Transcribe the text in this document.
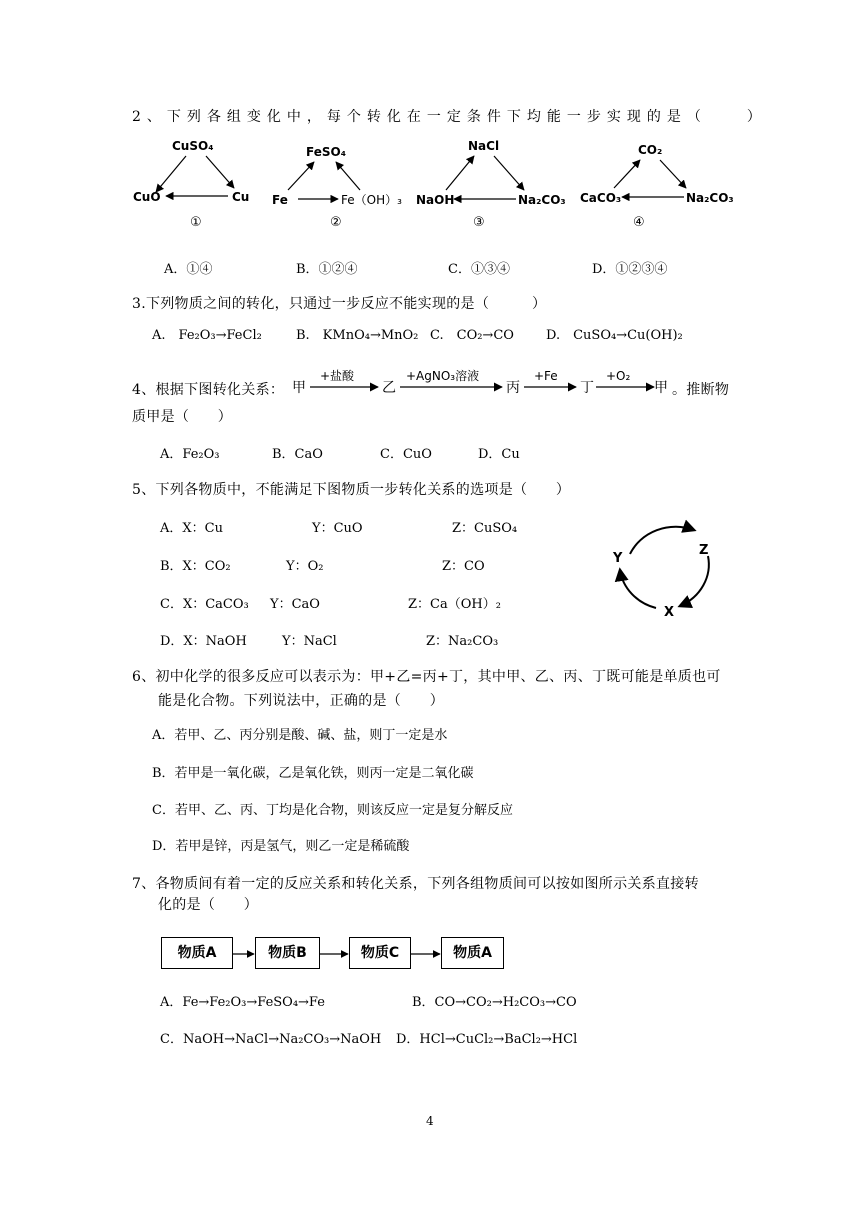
2、下列各组变化中，每个转化在一定条件下均能一步实现的是（　　）
CuSO₄
CuO	Cu
①
FeSO₄
Fe	Fe（OH）₃
②
NaCl
NaOH	Na₂CO₃
③
CO₂
CaCO₃	Na₂CO₃
④
A．①④	B．①②④	C．①③④	D．①②③④
3.下列物质之间的转化，只通过一步反应不能实现的是（　　　）
A.　Fe₂O₃→FeCl₂	B.　KMnO₄→MnO₂ C.　CO₂→CO D.　CuSO₄→Cu(OH)₂
4、根据下图转化关系： 甲
+盐酸
乙
+AgNO₃溶液
丙
+Fe
丁
+O₂
甲 。推断物
质甲是（　　）
A．Fe₂O₃	B．CaO	C．CuO	D．Cu
5、下列各物质中，不能满足下图物质一步转化关系的选项是（　　）
A．X：Cu	Y：CuO	Z：CuSO₄
B．X：CO₂	Y：O₂	Z：CO
C．X：CaCO₃ Y：CaO	Z：Ca（OH）₂
D．X：NaOH	Y：NaCl	Z：Na₂CO₃
Y
Z
X
6、初中化学的很多反应可以表示为：甲+乙=丙+丁，其中甲、乙、丙、丁既可能是单质也可
能是化合物。下列说法中，正确的是（　　）
A．若甲、乙、丙分别是酸、碱、盐，则丁一定是水
B．若甲是一氧化碳，乙是氧化铁，则丙一定是二氧化碳
C．若甲、乙、丙、丁均是化合物，则该反应一定是复分解反应
D．若甲是锌，丙是氢气，则乙一定是稀硫酸
7、各物质间有着一定的反应关系和转化关系，下列各组物质间可以按如图所示关系直接转
化的是（　　）
物质A	物质B	物质C	物质A
A．Fe→Fe₂O₃→FeSO₄→Fe	B．CO→CO₂→H₂CO₃→CO
C．NaOH→NaCl→Na₂CO₃→NaOH D．HCl→CuCl₂→BaCl₂→HCl
4
